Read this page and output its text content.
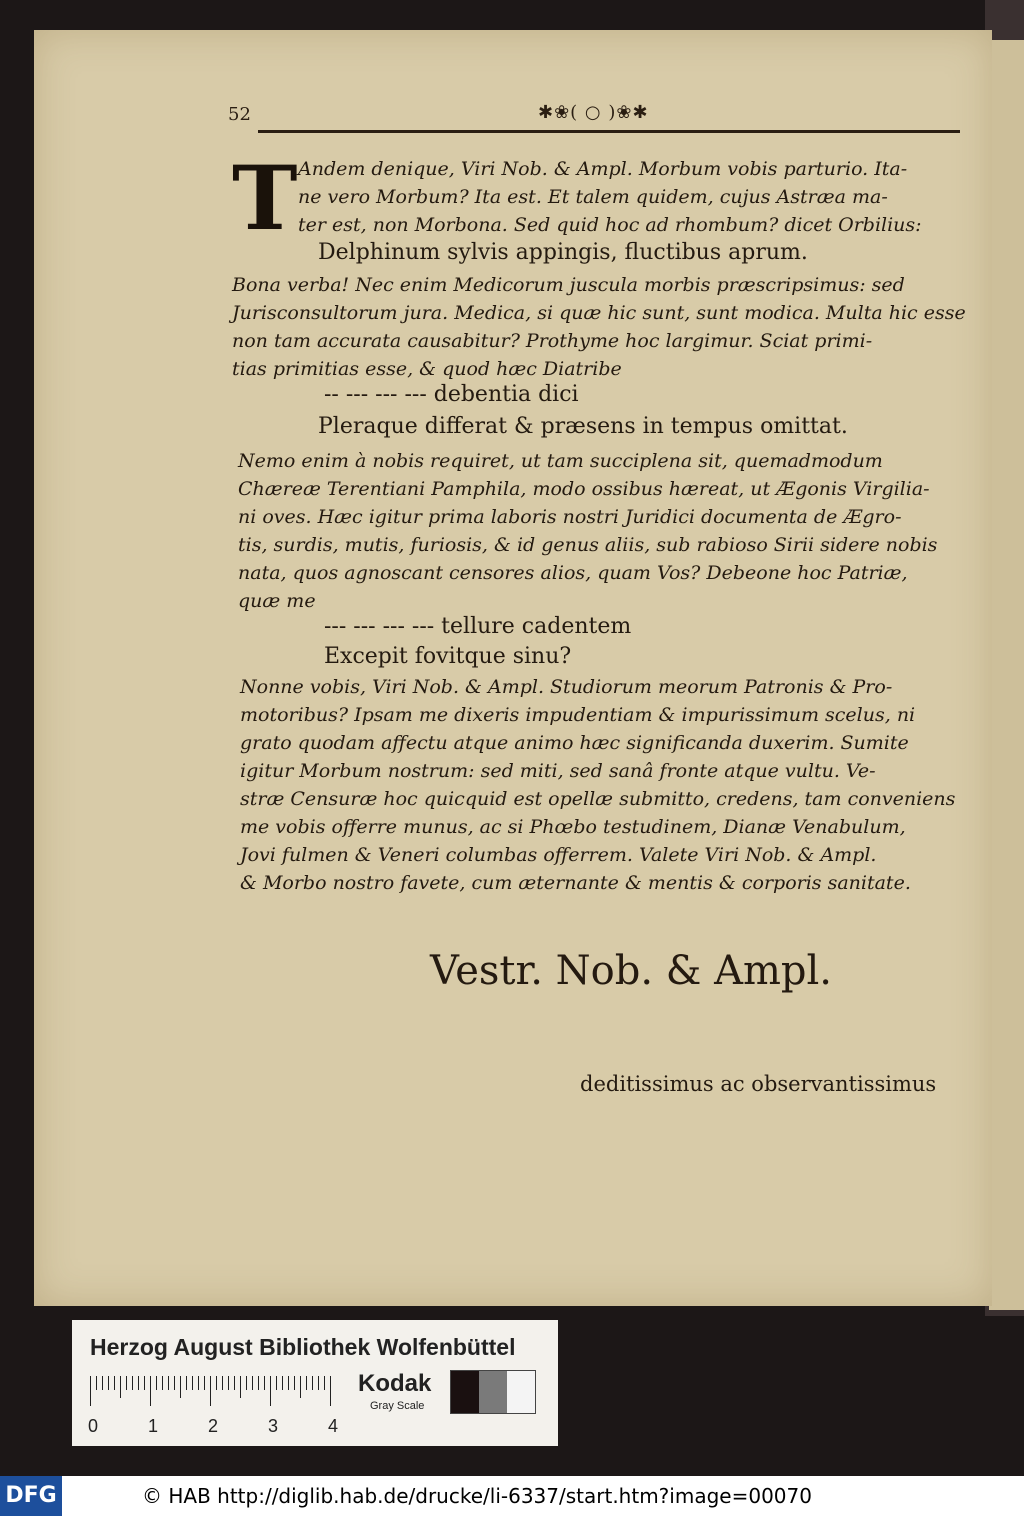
52	✱❀( ○ )❀✱
T Andem denique, Viri Nob. & Ampl. Morbum vobis parturio. Ita-
ne vero Morbum? Ita est. Et talem quidem, cujus Astræa ma-
ter est, non Morbona. Sed quid hoc ad rhombum? dicet Orbilius:
Delphinum sylvis appingis, fluctibus aprum.
Bona verba! Nec enim Medicorum juscula morbis præscripsimus: sed
Jurisconsultorum jura. Medica, si quæ hic sunt, sunt modica. Multa hic esse
non tam accurata causabitur? Prothyme hoc largimur. Sciat primi-
tias primitias esse, & quod hæc Diatribe
-- --- --- --- debentia dici
Pleraque differat & præsens in tempus omittat.
Nemo enim à nobis requiret, ut tam succiplena sit, quemadmodum
Chæreæ Terentiani Pamphila, modo ossibus hæreat, ut Ægonis Virgilia-
ni oves. Hæc igitur prima laboris nostri Juridici documenta de Ægro-
tis, surdis, mutis, furiosis, & id genus aliis, sub rabioso Sirii sidere nobis
nata, quos agnoscant censores alios, quam Vos? Debeone hoc Patriæ,
quæ me
--- --- --- --- tellure cadentem
Excepit fovitque sinu?
Nonne vobis, Viri Nob. & Ampl. Studiorum meorum Patronis & Pro-
motoribus? Ipsam me dixeris impudentiam & impurissimum scelus, ni
grato quodam affectu atque animo hæc significanda duxerim. Sumite
igitur Morbum nostrum: sed miti, sed sanâ fronte atque vultu. Ve-
stræ Censuræ hoc quicquid est opellæ submitto, credens, tam conveniens
me vobis offerre munus, ac si Phœbo testudinem, Dianæ Venabulum,
Jovi fulmen & Veneri columbas offerrem. Valete Viri Nob. & Ampl.
& Morbo nostro favete, cum æternante & mentis & corporis sanitate.
Vestr. Nob. & Ampl.
deditissimus ac observantissimus
Herzog August Bibliothek Wolfenbüttel
0	1	2	3	4
Kodak
Gray Scale
DFG	© HAB http://diglib.hab.de/drucke/li-6337/start.htm?image=00070
